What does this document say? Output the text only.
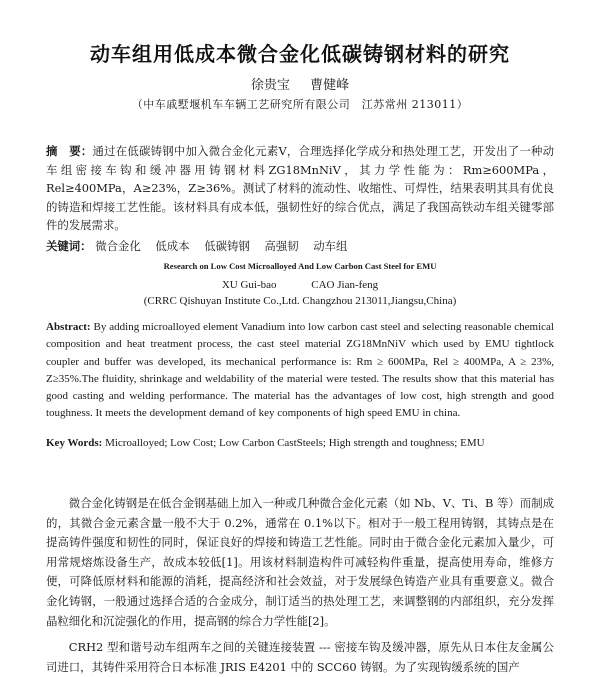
动车组用低成本微合金化低碳铸钢材料的研究
徐贵宝 曹健峰
（中车戚墅堰机车车辆工艺研究所有限公司　江苏常州 213011）
摘　要：通过在低碳铸钢中加入微合金化元素V，合理选择化学成分和热处理工艺，开发出了一种动车组密接车钩和缓冲器用铸钢材料ZG18MnNiV，其力学性能为：Rm≥600MPa，Rel≥400MPa，A≥23%，Z≥36%。测试了材料的流动性、收缩性、可焊性，结果表明其具有优良的铸造和焊接工艺性能。该材料具有成本低，强韧性好的综合优点，满足了我国高铁动车组关键零部件的发展需求。
关键词： 微合金化 低成本 低碳铸钢 高强韧 动车组
Research on Low Cost Microalloyed And Low Carbon Cast Steel for EMU
XU Gui-bao	CAO Jian-feng
(CRRC Qishuyan Institute Co.,Ltd. Changzhou 213011,Jiangsu,China)
Abstract: By adding microalloyed element Vanadium into low carbon cast steel and selecting reasonable chemical composition and heat treatment process, the cast steel material ZG18MnNiV which used by EMU tightlock coupler and buffer was developed, its mechanical performance is: Rm ≥ 600MPa, Rel ≥ 400MPa, A ≥ 23%, Z≥35%.The fluidity, shrinkage and weldability of the material were tested. The results show that this material has good casting and welding performance. The material has the advantages of low cost, high strength and good toughness. It meets the development demand of key components of high speed EMU in china.
Key Words: Microalloyed; Low Cost; Low Carbon CastSteels; High strength and toughness; EMU

微合金化铸钢是在低合金钢基础上加入一种或几种微合金化元素（如 Nb、V、Ti、B 等）而制成的，其微合金元素含量一般不大于 0.2%，通常在 0.1%以下。相对于一般工程用铸钢，其铸点是在提高铸件强度和韧性的同时，保证良好的焊接和铸造工艺性能。同时由于微合金化元素加入量少，可用常规熔炼设备生产，故成本较低[1]。用该材料制造构件可减轻构件重量，提高使用寿命，维修方便，可降低原材料和能源的消耗，提高经济和社会效益，对于发展绿色铸造产业具有重要意义。微合金化铸钢，一般通过选择合适的合金成分，制订适当的热处理工艺，来调整钢的内部组织，充分发挥晶粒细化和沉淀强化的作用，提高钢的综合力学性能[2]。

CRH2 型和谐号动车组两车之间的关键连接装置 --- 密接车钩及缓冲器，原先从日本住友金属公司进口，其铸件采用符合日本标准 JRIS E4201 中的 SCC60 铸钢。为了实现钩缓系统的国产
